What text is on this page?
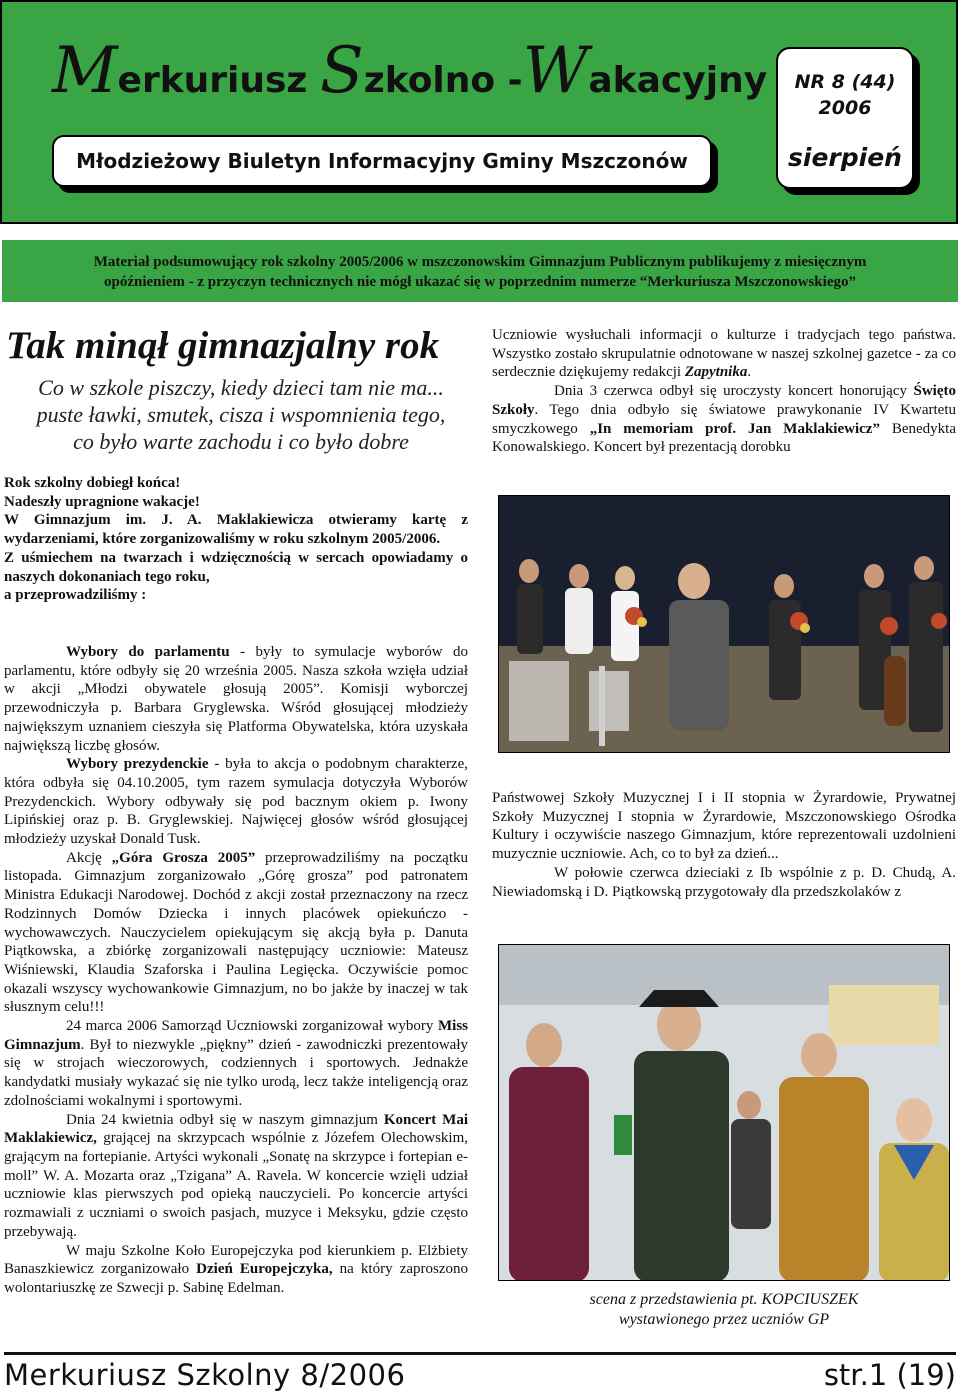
Merkuriusz Szkolno -Wakacyjny
Młodzieżowy Biuletyn Informacyjny Gminy Mszczonów
NR 8 (44)
2006
sierpień
Materiał podsumowujący rok szkolny 2005/2006 w mszczonowskim Gimnazjum Publicznym publikujemy z miesięcznym
opóźnieniem - z przyczyn technicznych nie mógł ukazać się w poprzednim numerze “Merkuriusza Mszczonowskiego”
Tak minął gimnazjalny rok
Co w szkole piszczy, kiedy dzieci tam nie ma...
puste ławki, smutek, cisza i wspomnienia tego,
co było warte zachodu i co było dobre

Rok szkolny dobiegł końca!

Nadeszły upragnione wakacje!

W Gimnazjum im. J. A. Maklakiewicza otwieramy kartę z wydarzeniami, które zorganizowaliśmy w roku szkolnym 2005/2006.

Z uśmiechem na twarzach i wdzięcznością w sercach opowiadamy o naszych dokonaniach tego roku,

a przeprowadziliśmy :

Wybory do parlamentu - były to symulacje wyborów do parlamentu, które odbyły się 20 września 2005. Nasza szkoła wzięła udział w akcji „Młodzi obywatele głosują 2005”. Komisji wyborczej przewodniczyła p. Barbara Gryglewska. Wśród głosującej młodzieży największym uznaniem cieszyła się Platforma Obywatelska, która uzyskała największą liczbę głosów.

Wybory prezydenckie - była to akcja o podobnym charakterze, która odbyła się 04.10.2005, tym razem symulacja dotyczyła Wyborów Prezydenckich. Wybory odbywały się pod bacznym okiem p. Iwony Lipińskiej oraz p. B. Gryglewskiej. Najwięcej głosów wśród głosującej młodzieży uzyskał Donald Tusk.

Akcję „Góra Grosza 2005” przeprowadziliśmy na początku listopada. Gimnazjum zorganizowało „Górę grosza” pod patronatem Ministra Edukacji Narodowej. Dochód z akcji został przeznaczony na rzecz Rodzinnych Domów Dziecka i innych placówek opiekuńczo - wychowawczych. Nauczycielem opiekującym się akcją była p. Danuta Piątkowska, a zbiórkę zorganizowali następujący uczniowie: Mateusz Wiśniewski, Klaudia Szaforska i Paulina Legięcka. Oczywiście pomoc okazali wszyscy wychowankowie Gimnazjum, no bo jakże by inaczej w tak słusznym celu!!!

24 marca 2006 Samorząd Uczniowski zorganizował wybory Miss Gimnazjum. Był to niezwykle „piękny” dzień - zawodniczki prezentowały się w strojach wieczorowych, codziennych i sportowych. Jednakże kandydatki musiały wykazać się nie tylko urodą, lecz także inteligencją oraz zdolnościami wokalnymi i sportowymi.

Dnia 24 kwietnia odbył się w naszym gimnazjum Koncert Mai Maklakiewicz, grającej na skrzypcach wspólnie z Józefem Olechowskim, grającym na fortepianie. Artyści wykonali „Sonatę na skrzypce i fortepian e-moll” W. A. Mozarta oraz „Tzigana” A. Ravela. W koncercie wzięli udział uczniowie klas pierwszych pod opieką nauczycieli. Po koncercie artyści rozmawiali z uczniami o swoich pasjach, muzyce i Meksyku, gdzie często przebywają.

W maju Szkolne Koło Europejczyka pod kierunkiem p. Elżbiety Banaszkiewicz zorganizowało Dzień Europejczyka, na który zaproszono wolontariuszkę ze Szwecji p. Sabinę Edelman.

Uczniowie wysłuchali informacji o kulturze i tradycjach tego państwa. Wszystko zostało skrupulatnie odnotowane w naszej szkolnej gazetce - za co serdecznie dziękujemy redakcji Zapytnika.

Dnia 3 czerwca odbył się uroczysty koncert honorujący Święto Szkoły. Tego dnia odbyło się światowe prawykonanie IV Kwartetu smyczkowego „In memoriam prof. Jan Maklakiewicz” Benedykta Konowalskiego. Koncert był prezentacją dorobku

Państwowej Szkoły Muzycznej I i II stopnia w Żyrardowie, Prywatnej Szkoły Muzycznej I stopnia w Żyrardowie, Mszczonowskiego Ośrodka Kultury i oczywiście naszego Gimnazjum, które reprezentowali uzdolnieni muzycznie uczniowie. Ach, co to był za dzień...

W połowie czerwca dzieciaki z Ib wspólnie z p. D. Chudą, A. Niewiadomską i D. Piątkowską przygotowały dla przedszkolaków z

scena z przedstawienia pt. KOPCIUSZEK
wystawionego przez uczniów GP
Merkuriusz Szkolny 8/2006	str.1 (19)
